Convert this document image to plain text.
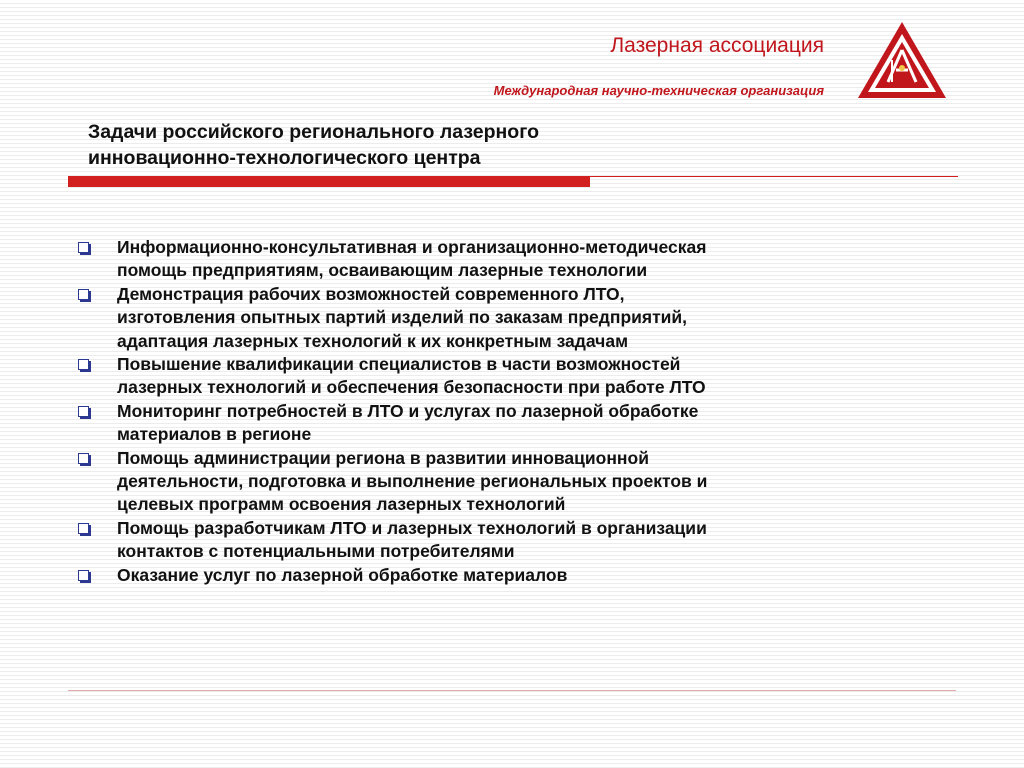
Лазерная ассоциация
Международная научно-техническая организация
Задачи российского регионального лазерного
инновационно-технологического центра
Информационно-консультативная и организационно-методическая
помощь предприятиям, осваивающим лазерные технологии
Демонстрация рабочих возможностей современного ЛТО,
изготовления опытных партий изделий по заказам предприятий,
адаптация лазерных технологий к их конкретным задачам
Повышение квалификации специалистов в части возможностей
лазерных технологий и обеспечения безопасности при работе ЛТО
Мониторинг потребностей в ЛТО и услугах по лазерной обработке
материалов в регионе
Помощь администрации региона в развитии инновационной
деятельности, подготовка и выполнение региональных проектов и
целевых программ освоения лазерных технологий
Помощь разработчикам ЛТО и лазерных технологий в организации
контактов с потенциальными потребителями
Оказание услуг по лазерной обработке материалов
